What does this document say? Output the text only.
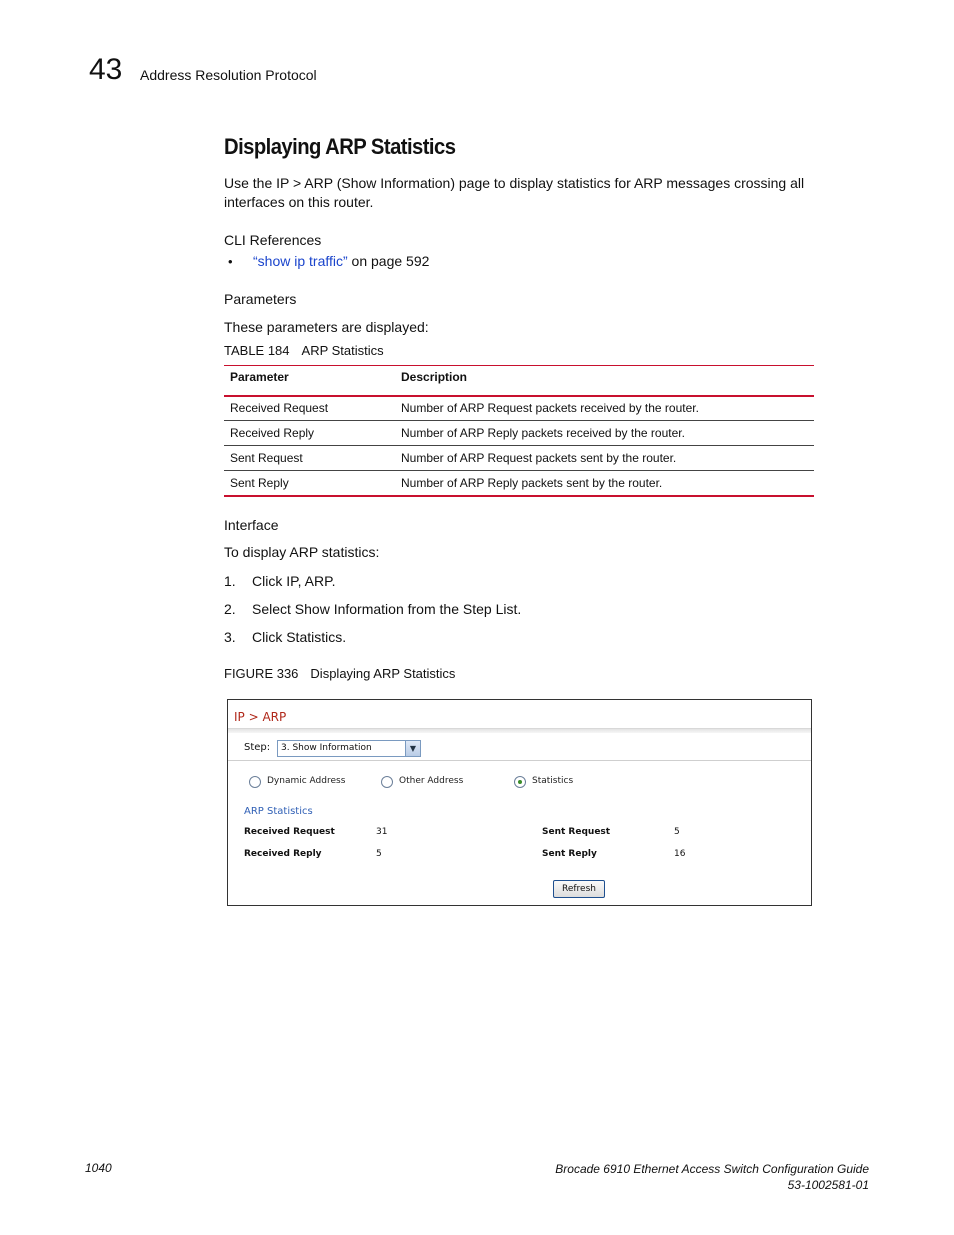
43 Address Resolution Protocol
Displaying ARP Statistics
Use the IP > ARP (Show Information) page to display statistics for ARP messages crossing all interfaces on this router.
CLI References
• “show ip traffic” on page 592
Parameters
These parameters are displayed:
TABLE 184 ARP Statistics
Parameter	Description
Received Request	Number of ARP Request packets received by the router.
Received Reply	Number of ARP Reply packets received by the router.
Sent Request	Number of ARP Request packets sent by the router.
Sent Reply	Number of ARP Reply packets sent by the router.
Interface
To display ARP statistics:
1. Click IP, ARP.
2. Select Show Information from the Step List.
3. Click Statistics.
FIGURE 336 Displaying ARP Statistics
IP > ARP
Step:	3. Show Information	▼
Dynamic Address	Other Address	Statistics
ARP Statistics
Received Request	31	Sent Request	5
Received Reply	5	Sent Reply	16
Refresh
1040	Brocade 6910 Ethernet Access Switch Configuration Guide
53-1002581-01
